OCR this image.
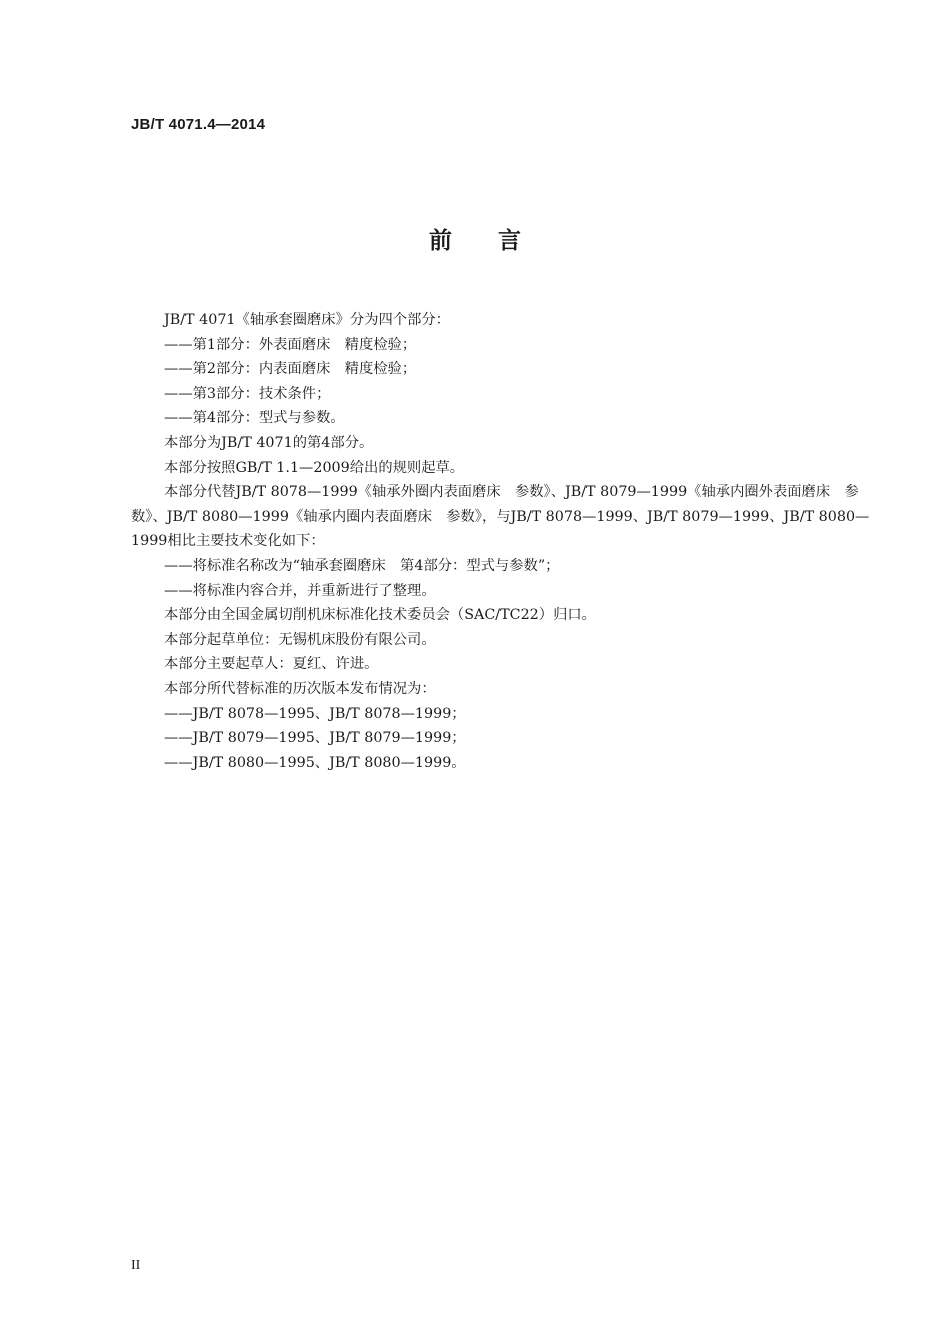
JB/T 4071.4—2014
前　　言

JB/T 4071《轴承套圈磨床》分为四个部分：

——第1部分：外表面磨床　精度检验；

——第2部分：内表面磨床　精度检验；

——第3部分：技术条件；

——第4部分：型式与参数。

本部分为JB/T 4071的第4部分。

本部分按照GB/T 1.1—2009给出的规则起草。

本部分代替JB/T 8078—1999《轴承外圈内表面磨床　参数》、JB/T 8079—1999《轴承内圈外表面磨床　参数》、JB/T 8080—1999《轴承内圈内表面磨床　参数》，与JB/T 8078—1999、JB/T 8079—1999、JB/T 8080—1999相比主要技术变化如下：

——将标准名称改为“轴承套圈磨床　第4部分：型式与参数”；

——将标准内容合并，并重新进行了整理。

本部分由全国金属切削机床标准化技术委员会（SAC/TC22）归口。

本部分起草单位：无锡机床股份有限公司。

本部分主要起草人：夏红、许进。

本部分所代替标准的历次版本发布情况为：

——JB/T 8078—1995、JB/T 8078—1999；

——JB/T 8079—1995、JB/T 8079—1999；

——JB/T 8080—1995、JB/T 8080—1999。

II
